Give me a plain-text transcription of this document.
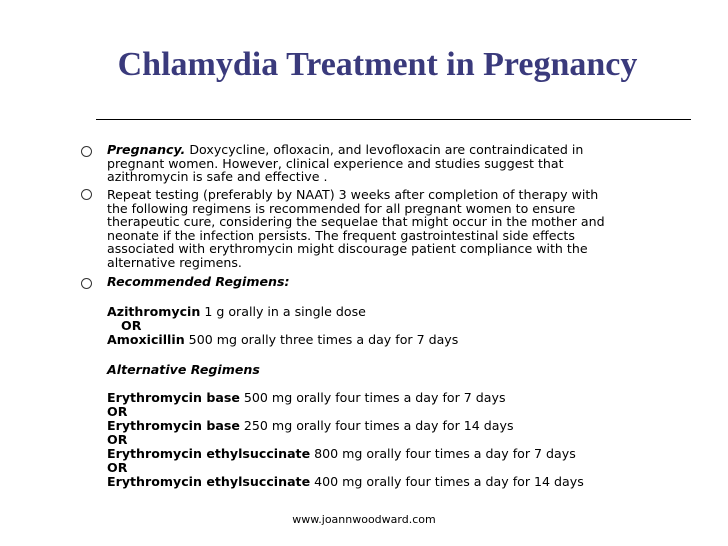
Chlamydia Treatment in Pregnancy
Pregnancy. Doxycycline, ofloxacin, and levofloxacin are contraindicated in
pregnant women. However, clinical experience and studies suggest that
azithromycin is safe and effective .
Repeat testing (preferably by NAAT) 3 weeks after completion of therapy with
the following regimens is recommended for all pregnant women to ensure
therapeutic cure, considering the sequelae that might occur in the mother and
neonate if the infection persists. The frequent gastrointestinal side effects
associated with erythromycin might discourage patient compliance with the
alternative regimens.
Recommended Regimens:
Azithromycin 1 g orally in a single dose
OR
Amoxicillin 500 mg orally three times a day for 7 days
Alternative Regimens
Erythromycin base 500 mg orally four times a day for 7 days
OR
Erythromycin base 250 mg orally four times a day for 14 days
OR
Erythromycin ethylsuccinate 800 mg orally four times a day for 7 days
OR
Erythromycin ethylsuccinate 400 mg orally four times a day for 14 days
www.joannwoodward.com
